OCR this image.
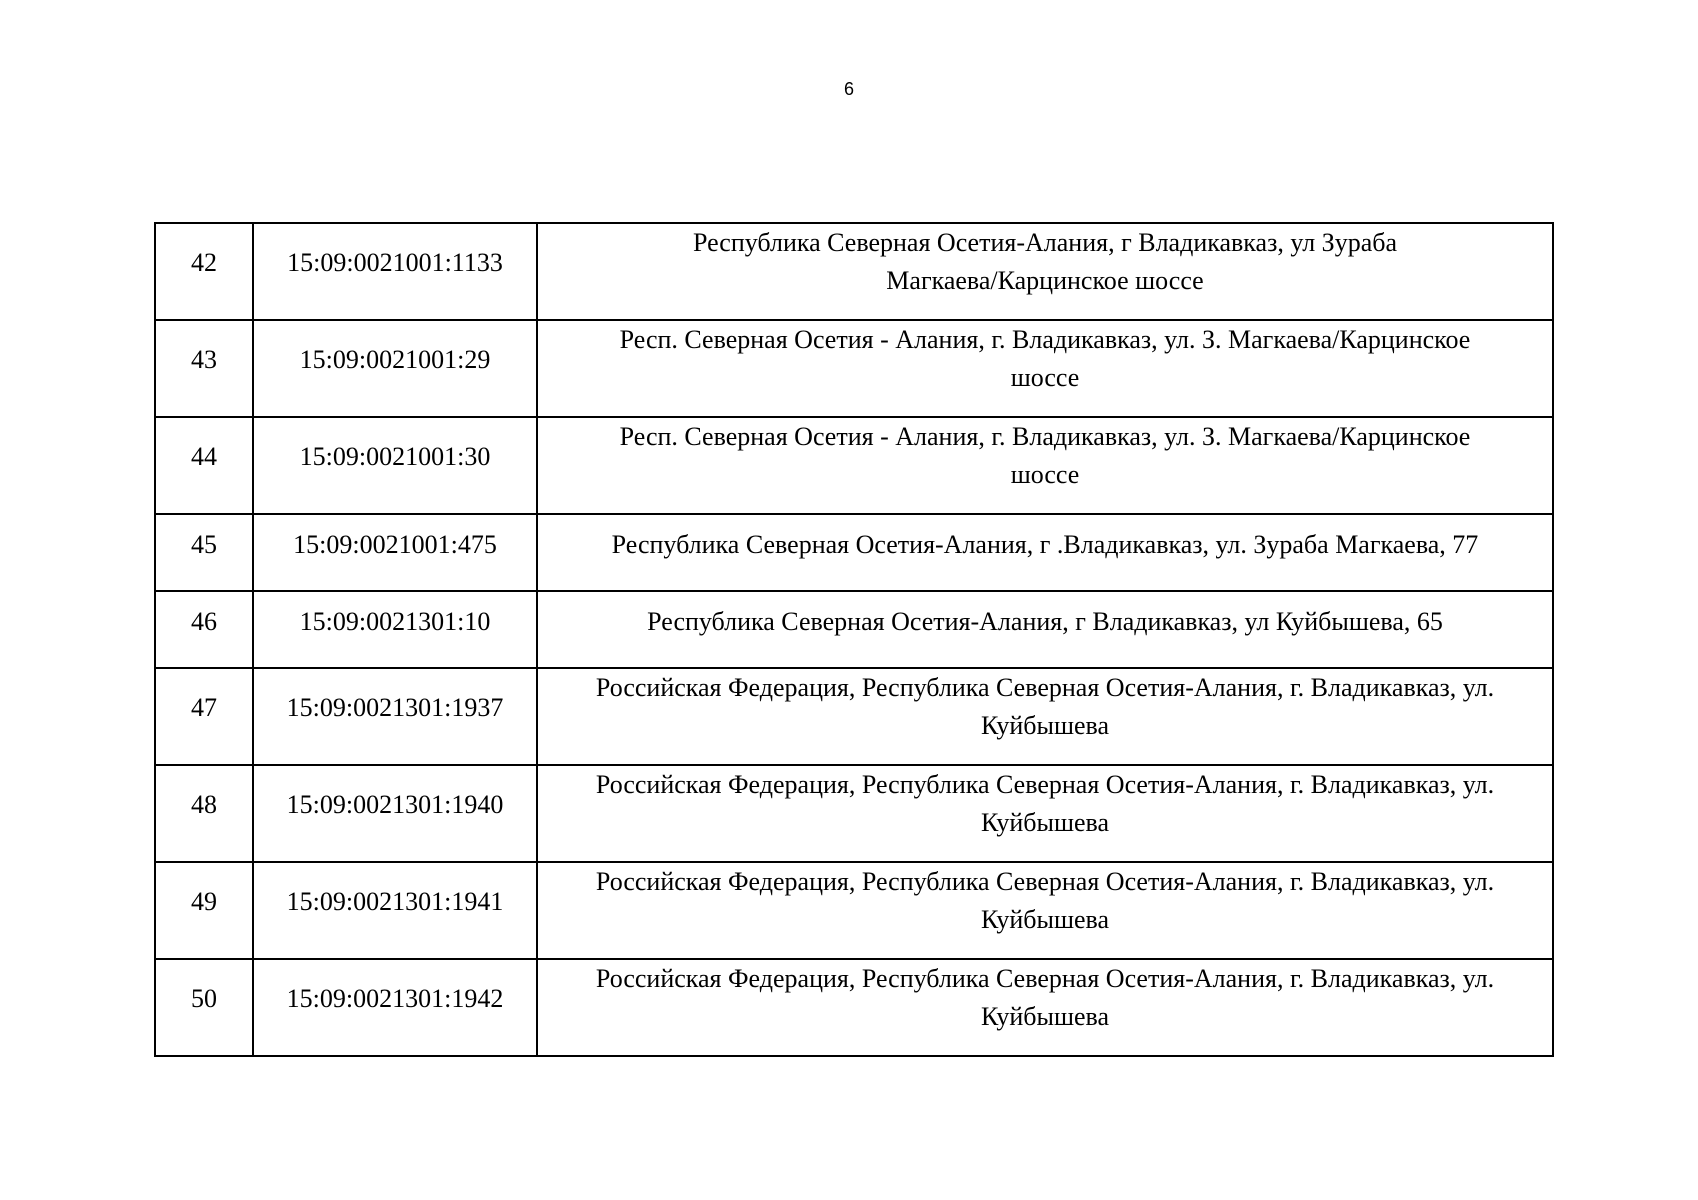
6
42	15:09:0021001:1133	Республика Северная Осетия-Алания, г Владикавказ, ул Зураба
Магкаева/Карцинское шоссе

43	15:09:0021001:29	Респ. Северная Осетия - Алания, г. Владикавказ, ул. З. Магкаева/Карцинское
шоссе

44	15:09:0021001:30	Респ. Северная Осетия - Алания, г. Владикавказ, ул. З. Магкаева/Карцинское
шоссе

45	15:09:0021001:475	Республика Северная Осетия-Алания, г .Владикавказ, ул. Зураба Магкаева, 77

46	15:09:0021301:10	Республика Северная Осетия-Алания, г Владикавказ, ул Куйбышева, 65

47	15:09:0021301:1937	Российская Федерация, Республика Северная Осетия-Алания, г. Владикавказ, ул.
Куйбышева

48	15:09:0021301:1940	Российская Федерация, Республика Северная Осетия-Алания, г. Владикавказ, ул.
Куйбышева

49	15:09:0021301:1941	Российская Федерация, Республика Северная Осетия-Алания, г. Владикавказ, ул.
Куйбышева

50	15:09:0021301:1942	Российская Федерация, Республика Северная Осетия-Алания, г. Владикавказ, ул.
Куйбышева
